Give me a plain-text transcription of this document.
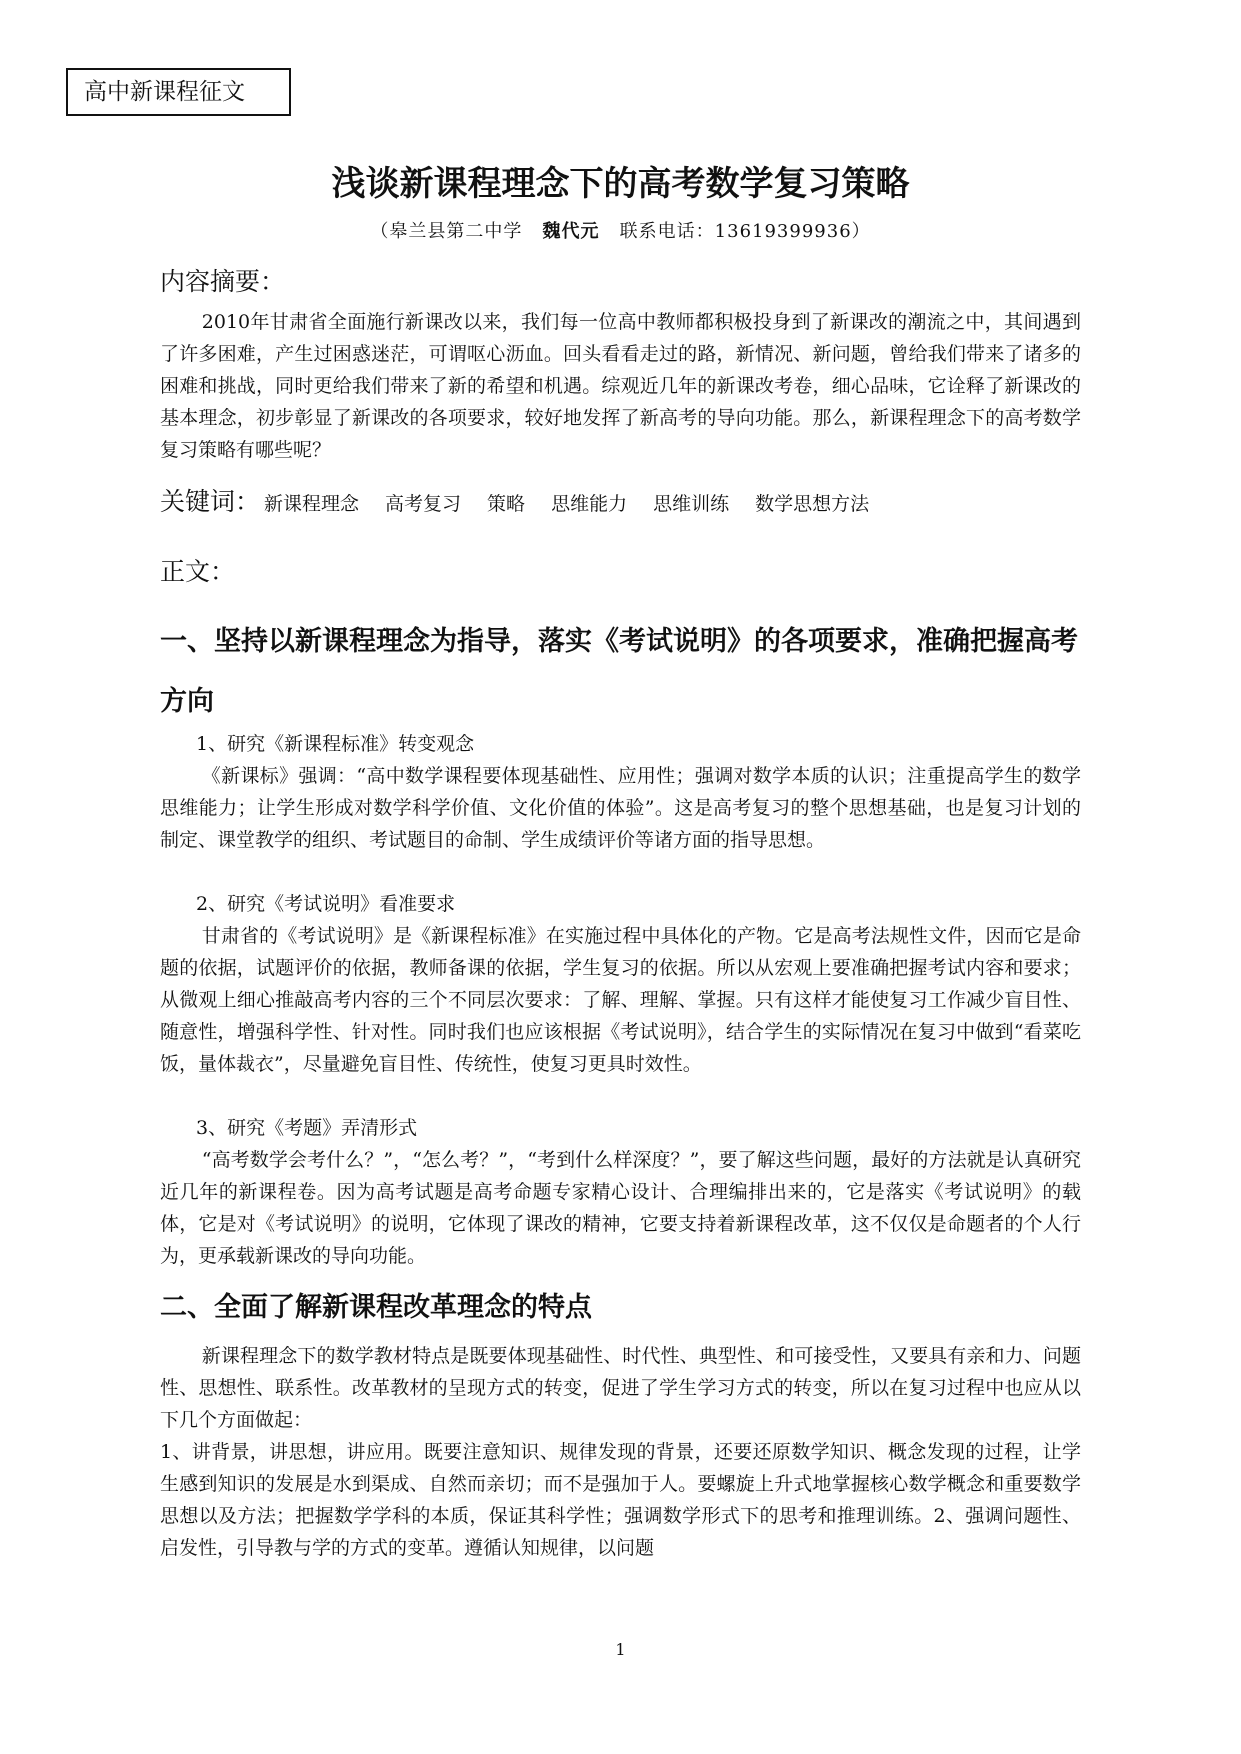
高中新课程征文
浅谈新课程理念下的高考数学复习策略
（皋兰县第二中学 魏代元 联系电话：13619399936）
内容摘要：

2010年甘肃省全面施行新课改以来，我们每一位高中教师都积极投身到了新课改的潮流之中，其间遇到了许多困难，产生过困惑迷茫，可谓呕心沥血。回头看看走过的路，新情况、新问题，曾给我们带来了诸多的困难和挑战，同时更给我们带来了新的希望和机遇。综观近几年的新课改考卷，细心品味，它诠释了新课改的基本理念，初步彰显了新课改的各项要求，较好地发挥了新高考的导向功能。那么，新课程理念下的高考数学复习策略有哪些呢？

关键词： 新课程理念 高考复习 策略 思维能力 思维训练 数学思想方法
正文：
一、坚持以新课程理念为指导，落实《考试说明》的各项要求，准确把握高考方向
1、研究《新课程标准》转变观念

《新课标》强调：“高中数学课程要体现基础性、应用性；强调对数学本质的认识；注重提高学生的数学思维能力；让学生形成对数学科学价值、文化价值的体验”。这是高考复习的整个思想基础，也是复习计划的制定、课堂教学的组织、考试题目的命制、学生成绩评价等诸方面的指导思想。

2、研究《考试说明》看准要求

甘肃省的《考试说明》是《新课程标准》在实施过程中具体化的产物。它是高考法规性文件，因而它是命题的依据，试题评价的依据，教师备课的依据，学生复习的依据。所以从宏观上要准确把握考试内容和要求；从微观上细心推敲高考内容的三个不同层次要求：了解、理解、掌握。只有这样才能使复习工作减少盲目性、随意性，增强科学性、针对性。同时我们也应该根据《考试说明》，结合学生的实际情况在复习中做到“看菜吃饭，量体裁衣”，尽量避免盲目性、传统性，使复习更具时效性。

3、研究《考题》弄清形式

“高考数学会考什么？”，“怎么考？”，“考到什么样深度？”，要了解这些问题，最好的方法就是认真研究近几年的新课程卷。因为高考试题是高考命题专家精心设计、合理编排出来的，它是落实《考试说明》的载体，它是对《考试说明》的说明，它体现了课改的精神，它要支持着新课程改革，这不仅仅是命题者的个人行为，更承载新课改的导向功能。

二、全面了解新课程改革理念的特点

新课程理念下的数学教材特点是既要体现基础性、时代性、典型性、和可接受性，又要具有亲和力、问题性、思想性、联系性。改革教材的呈现方式的转变，促进了学生学习方式的转变，所以在复习过程中也应从以下几个方面做起：

1、讲背景，讲思想，讲应用。既要注意知识、规律发现的背景，还要还原数学知识、概念发现的过程，让学生感到知识的发展是水到渠成、自然而亲切；而不是强加于人。要螺旋上升式地掌握核心数学概念和重要数学思想以及方法；把握数学学科的本质，保证其科学性；强调数学形式下的思考和推理训练。2、强调问题性、启发性，引导教与学的方式的变革。遵循认知规律，以问题

1
